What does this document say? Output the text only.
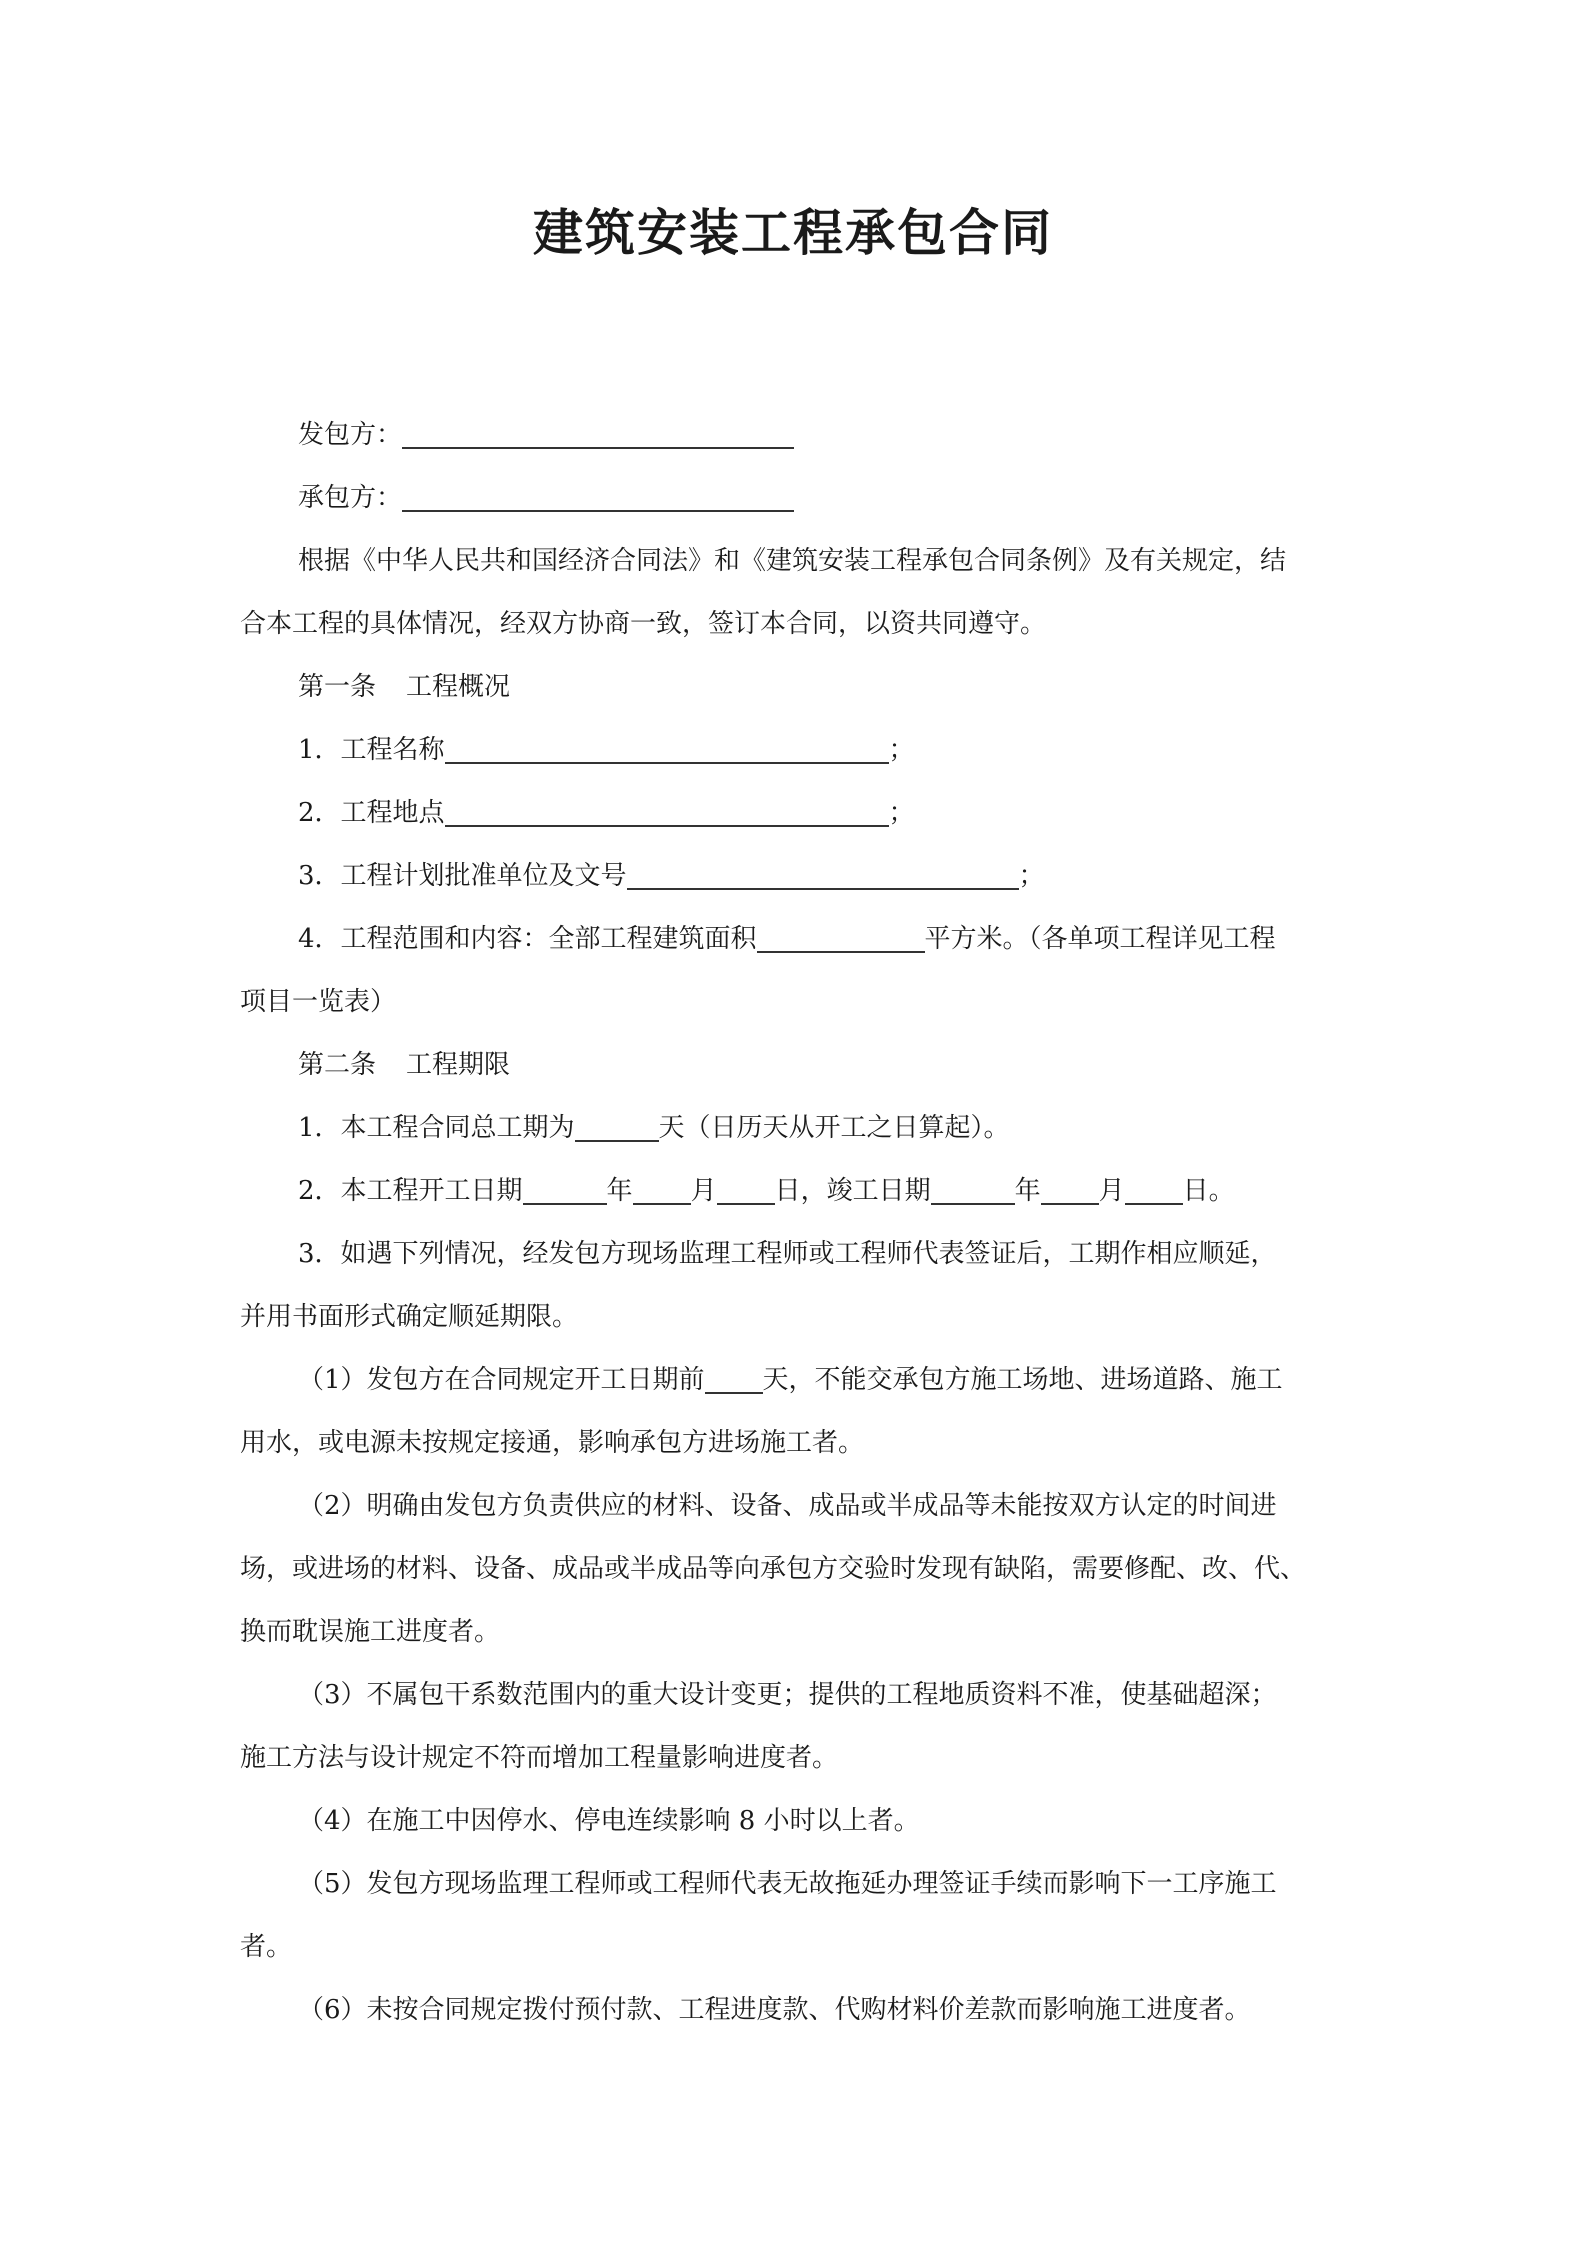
建筑安装工程承包合同
发包方：
承包方：
根据《中华人民共和国经济合同法》和《建筑安装工程承包合同条例》及有关规定，结
合本工程的具体情况，经双方协商一致，签订本合同，以资共同遵守。
第一条 工程概况
1．工程名称	；
2．工程地点	；
3．工程计划批准单位及文号	；
4．工程范围和内容：全部工程建筑面积	平方米。（各单项工程详见工程
项目一览表）
第二条 工程期限
1．本工程合同总工期为	天（日历天从开工之日算起）。
2．本工程开工日期	年 月 日，竣工日期	年 月 日。
3．如遇下列情况，经发包方现场监理工程师或工程师代表签证后，工期作相应顺延，
并用书面形式确定顺延期限。
（1）发包方在合同规定开工日期前 天，不能交承包方施工场地、进场道路、施工
用水，或电源未按规定接通，影响承包方进场施工者。
（2）明确由发包方负责供应的材料、设备、成品或半成品等未能按双方认定的时间进
场，或进场的材料、设备、成品或半成品等向承包方交验时发现有缺陷，需要修配、改、代、
换而耽误施工进度者。
（3）不属包干系数范围内的重大设计变更；提供的工程地质资料不准，使基础超深；
施工方法与设计规定不符而增加工程量影响进度者。
（4）在施工中因停水、停电连续影响 8 小时以上者。
（5）发包方现场监理工程师或工程师代表无故拖延办理签证手续而影响下一工序施工
者。
（6）未按合同规定拨付预付款、工程进度款、代购材料价差款而影响施工进度者。
